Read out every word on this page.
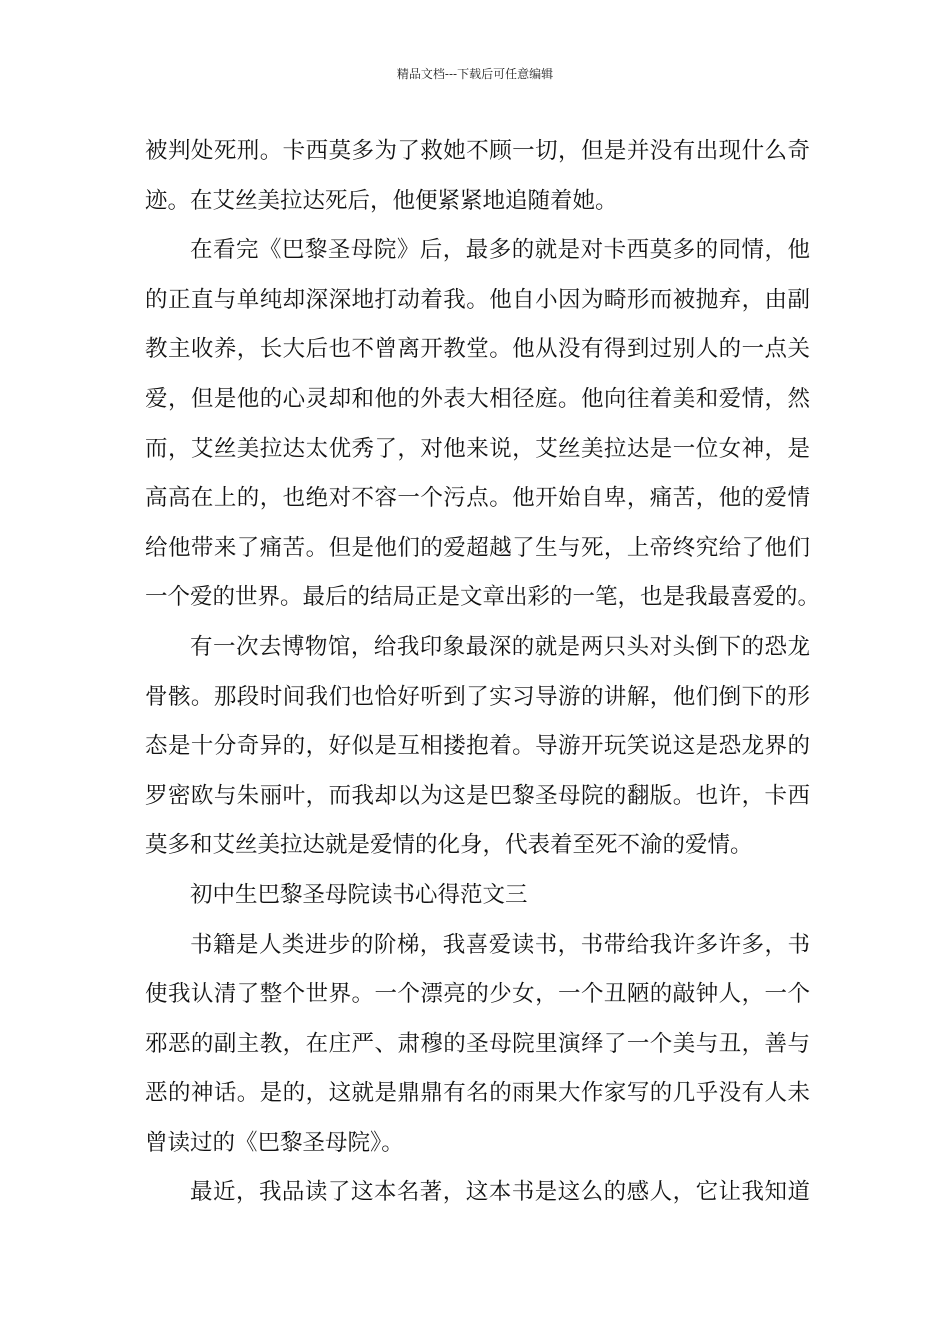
精品文档---下载后可任意编辑
被判处死刑。卡西莫多为了救她不顾一切，但是并没有出现什么奇
迹。在艾丝美拉达死后，他便紧紧地追随着她。
在看完《巴黎圣母院》后，最多的就是对卡西莫多的同情，他
的正直与单纯却深深地打动着我。他自小因为畸形而被抛弃，由副
教主收养，长大后也不曾离开教堂。他从没有得到过别人的一点关
爱，但是他的心灵却和他的外表大相径庭。他向往着美和爱情，然
而，艾丝美拉达太优秀了，对他来说，艾丝美拉达是一位女神，是
高高在上的，也绝对不容一个污点。他开始自卑，痛苦，他的爱情
给他带来了痛苦。但是他们的爱超越了生与死，上帝终究给了他们
一个爱的世界。最后的结局正是文章出彩的一笔，也是我最喜爱的。
有一次去博物馆，给我印象最深的就是两只头对头倒下的恐龙
骨骸。那段时间我们也恰好听到了实习导游的讲解，他们倒下的形
态是十分奇异的，好似是互相搂抱着。导游开玩笑说这是恐龙界的
罗密欧与朱丽叶，而我却以为这是巴黎圣母院的翻版。也许，卡西
莫多和艾丝美拉达就是爱情的化身，代表着至死不渝的爱情。
初中生巴黎圣母院读书心得范文三
书籍是人类进步的阶梯，我喜爱读书，书带给我许多许多，书
使我认清了整个世界。一个漂亮的少女，一个丑陋的敲钟人，一个
邪恶的副主教，在庄严、肃穆的圣母院里演绎了一个美与丑，善与
恶的神话。是的，这就是鼎鼎有名的雨果大作家写的几乎没有人未
曾读过的《巴黎圣母院》。
最近，我品读了这本名著，这本书是这么的感人，它让我知道
